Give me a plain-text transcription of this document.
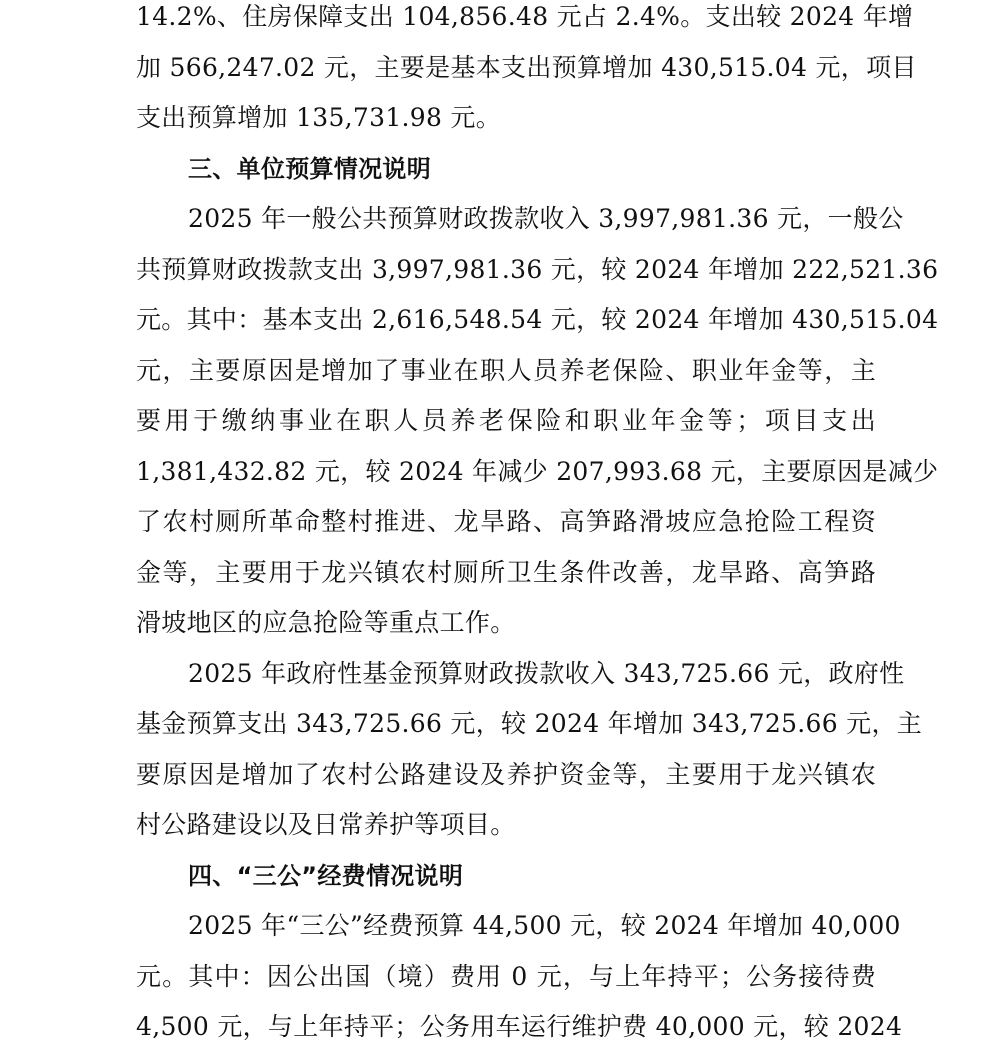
14.2%、住房保障支出 104,856.48 元占 2.4%。支出较 2024 年增
加 566,247.02 元，主要是基本支出预算增加 430,515.04 元，项目
支出预算增加 135,731.98 元。
三、单位预算情况说明
2025 年一般公共预算财政拨款收入 3,997,981.36 元，一般公
共预算财政拨款支出 3,997,981.36 元，较 2024 年增加 222,521.36
元。其中：基本支出 2,616,548.54 元，较 2024 年增加 430,515.04
元，主要原因是增加了事业在职人员养老保险、职业年金等，主
要用于缴纳事业在职人员养老保险和职业年金等；项目支出
1,381,432.82 元，较 2024 年减少 207,993.68 元，主要原因是减少
了农村厕所革命整村推进、龙旱路、高笋路滑坡应急抢险工程资
金等，主要用于龙兴镇农村厕所卫生条件改善，龙旱路、高笋路
滑坡地区的应急抢险等重点工作。
2025 年政府性基金预算财政拨款收入 343,725.66 元，政府性
基金预算支出 343,725.66 元，较 2024 年增加 343,725.66 元，主
要原因是增加了农村公路建设及养护资金等，主要用于龙兴镇农
村公路建设以及日常养护等项目。
四、“三公”经费情况说明
2025 年“三公”经费预算 44,500 元，较 2024 年增加 40,000
元。其中：因公出国（境）费用 0 元，与上年持平；公务接待费
4,500 元，与上年持平；公务用车运行维护费 40,000 元，较 2024
